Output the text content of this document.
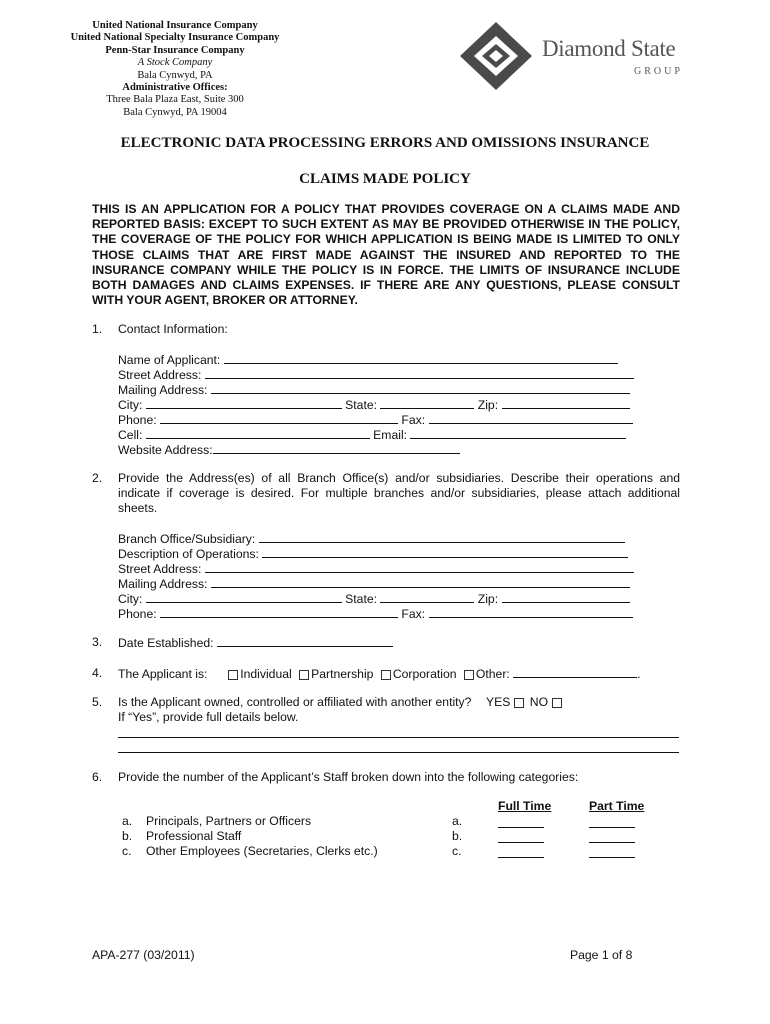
United National Insurance Company
United National Specialty Insurance Company
Penn-Star Insurance Company
A Stock Company
Bala Cynwyd, PA
Administrative Offices:
Three Bala Plaza East, Suite 300
Bala Cynwyd, PA 19004
Diamond State
GROUP
ELECTRONIC DATA PROCESSING ERRORS AND OMISSIONS INSURANCE
CLAIMS MADE POLICY
THIS IS AN APPLICATION FOR A POLICY THAT PROVIDES COVERAGE ON A CLAIMS MADE AND REPORTED BASIS: EXCEPT TO SUCH EXTENT AS MAY BE PROVIDED OTHERWISE IN THE POLICY, THE COVERAGE OF THE POLICY FOR WHICH APPLICATION IS BEING MADE IS LIMITED TO ONLY THOSE CLAIMS THAT ARE FIRST MADE AGAINST THE INSURED AND REPORTED TO THE INSURANCE COMPANY WHILE THE POLICY IS IN FORCE. THE LIMITS OF INSURANCE INCLUDE BOTH DAMAGES AND CLAIMS EXPENSES. IF THERE ARE ANY QUESTIONS, PLEASE CONSULT WITH YOUR AGENT, BROKER OR ATTORNEY.
1. Contact Information:
Name of Applicant:
Street Address:
Mailing Address:
City:	State:	Zip:
Phone:	Fax:
Cell:	Email:
Website Address:
2. Provide the Address(es) of all Branch Office(s) and/or subsidiaries. Describe their operations and indicate if coverage is desired. For multiple branches and/or subsidiaries, please attach additional sheets.
Branch Office/Subsidiary:
Description of Operations:
Street Address:
Mailing Address:
City:	State:	Zip:
Phone:	Fax:
3. Date Established:
4. The Applicant is:	Individual Partnership Corporation Other:	.
5. Is the Applicant owned, controlled or affiliated with another entity? YES NO
If “Yes”, provide full details below.
6. Provide the number of the Applicant’s Staff broken down into the following categories:
Full Time	Part Time
a. Principals, Partners or Officers	a.
b. Professional Staff	b.
c. Other Employees (Secretaries, Clerks etc.)	c.
APA-277 (03/2011)	Page 1 of 8
